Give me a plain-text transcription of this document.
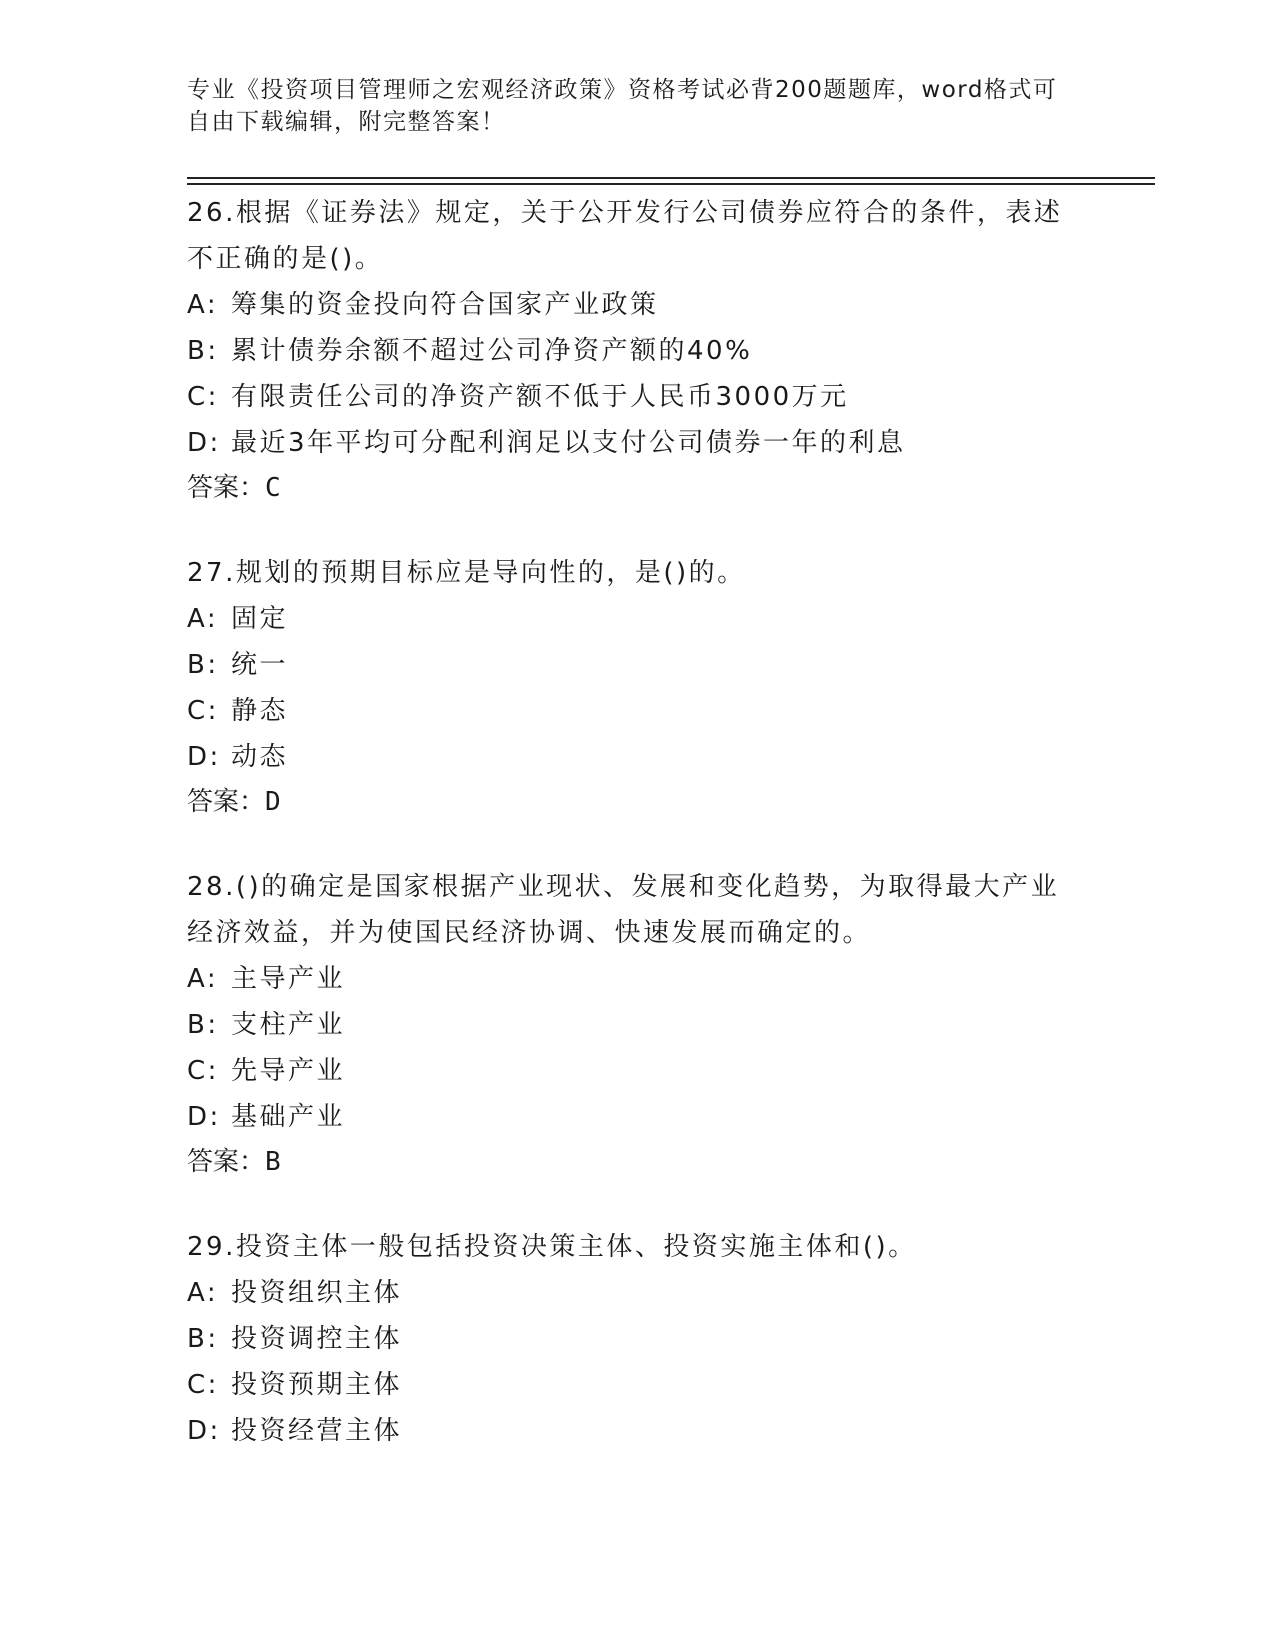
专业《投资项目管理师之宏观经济政策》资格考试必背200题题库，word格式可
自由下载编辑，附完整答案！
26.根据《证券法》规定，关于公开发行公司债券应符合的条件，表述
不正确的是()。
A: 筹集的资金投向符合国家产业政策
B: 累计债券余额不超过公司净资产额的40%
C: 有限责任公司的净资产额不低于人民币3000万元
D: 最近3年平均可分配利润足以支付公司债券一年的利息
答案：C
27.规划的预期目标应是导向性的，是()的。
A: 固定
B: 统一
C: 静态
D: 动态
答案：D
28.()的确定是国家根据产业现状、发展和变化趋势，为取得最大产业
经济效益，并为使国民经济协调、快速发展而确定的。
A: 主导产业
B: 支柱产业
C: 先导产业
D: 基础产业
答案：B
29.投资主体一般包括投资决策主体、投资实施主体和()。
A: 投资组织主体
B: 投资调控主体
C: 投资预期主体
D: 投资经营主体
